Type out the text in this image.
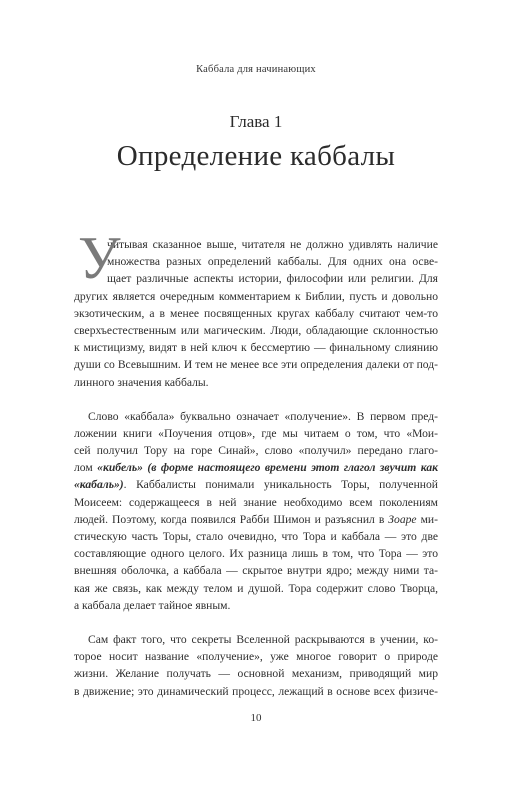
Каббала для начинающих
Глава 1
Определение каббалы
У
читывая сказанное выше, читателя не должно удивлять наличие
множества разных определений каббалы. Для одних она осве-
щает различные аспекты истории, философии или религии. Для
других является очередным комментарием к Библии, пусть и довольно
экзотическим, а в менее посвященных кругах каббалу считают чем-то
сверхъестественным или магическим. Люди, обладающие склонностью
к мистицизму, видят в ней ключ к бессмертию — финальному слиянию
души со Всевышним. И тем не менее все эти определения далеки от под-
линного значения каббалы.
Слово «каббала» буквально означает «получение». В первом пред-
ложении книги «Поучения отцов», где мы читаем о том, что «Мои-
сей получил Тору на горе Синай», слово «получил» передано глаго-
лом «кибель» (в форме настоящего времени этот глагол звучит как
«кабаль»). Каббалисты понимали уникальность Торы, полученной
Моисеем: содержащееся в ней знание необходимо всем поколениям
людей. Поэтому, когда появился Рабби Шимон и разъяснил в Зоаре ми-
стическую часть Торы, стало очевидно, что Тора и каббала — это две
составляющие одного целого. Их разница лишь в том, что Тора — это
внешняя оболочка, а каббала — скрытое внутри ядро; между ними та-
кая же связь, как между телом и душой. Тора содержит слово Творца,
а каббала делает тайное явным.
Сам факт того, что секреты Вселенной раскрываются в учении, ко-
торое носит название «получение», уже многое говорит о природе
жизни. Желание получать — основной механизм, приводящий мир
в движение; это динамический процесс, лежащий в основе всех физиче-
10
